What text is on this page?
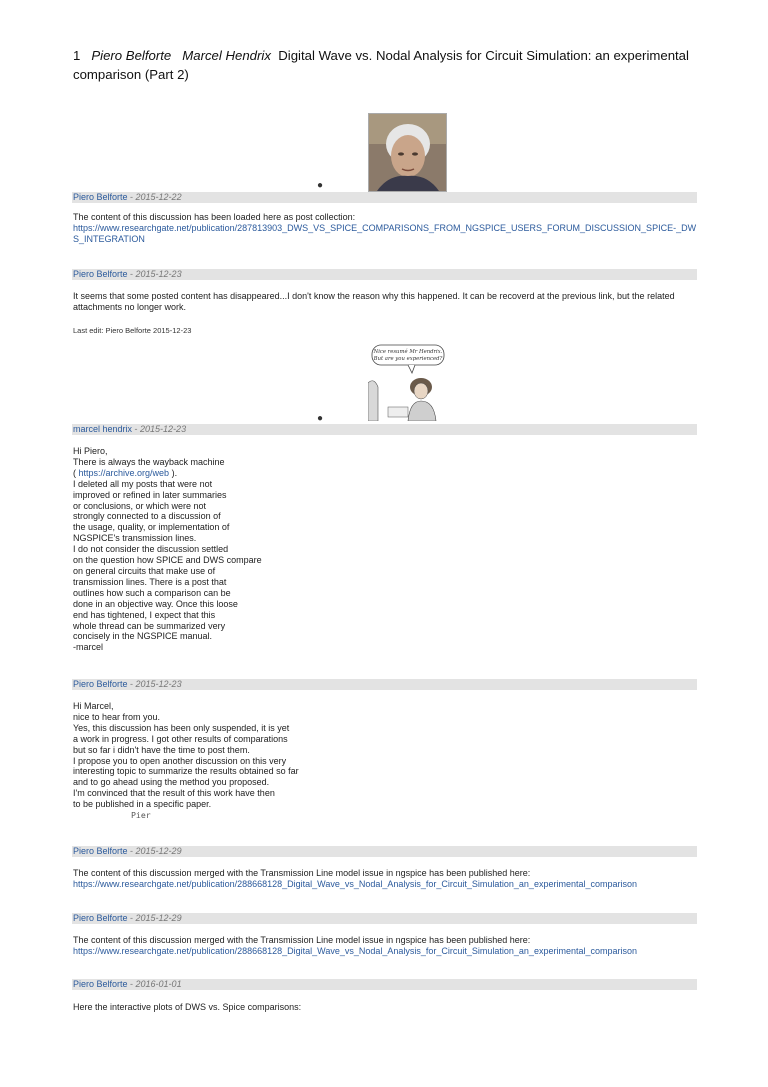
1 Piero Belforte Marcel Hendrix Digital Wave vs. Nodal Analysis for Circuit Simulation: an experimental comparison (Part 2)
●
Piero Belforte - 2015-12-22
The content of this discussion has been loaded here as post collection:
https://www.researchgate.net/publication/287813903_DWS_VS_SPICE_COMPARISONS_FROM_NGSPICE_USERS_FORUM_DISCUSSION_SPICE-_DWS_INTEGRATION
Piero Belforte - 2015-12-23
It seems that some posted content has disappeared...I don't know the reason why this happened. It can be recoverd at the previous link, but the related attachments no longer work.
Last edit: Piero Belforte 2015-12-23
Nice resumé Mr Hendrix.
But are you experienced?
●
marcel hendrix - 2015-12-23
Hi Piero,
There is always the wayback machine
( https://archive.org/web ).
I deleted all my posts that were not
improved or refined in later summaries
or conclusions, or which were not
strongly connected to a discussion of
the usage, quality, or implementation of
NGSPICE's transmission lines.
I do not consider the discussion settled
on the question how SPICE and DWS compare
on general circuits that make use of
transmission lines. There is a post that
outlines how such a comparison can be
done in an objective way. Once this loose
end has tightened, I expect that this
whole thread can be summarized very
concisely in the NGSPICE manual.
-marcel
Piero Belforte - 2015-12-23
Hi Marcel,
nice to hear from you.
Yes, this discussion has been only suspended, it is yet
a work in progress. I got other results of comparations
but so far i didn't have the time to post them.
I propose you to open another discussion on this very
interesting topic to summarize the results obtained so far
and to go ahead using the method you proposed.
I'm convinced that the result of this work have then
to be published in a specific paper.
Pier
Piero Belforte - 2015-12-29
The content of this discussion merged with the Transmission Line model issue in ngspice has been published here:
https://www.researchgate.net/publication/288668128_Digital_Wave_vs_Nodal_Analysis_for_Circuit_Simulation_an_experimental_comparison
Piero Belforte - 2015-12-29
The content of this discussion merged with the Transmission Line model issue in ngspice has been published here:
https://www.researchgate.net/publication/288668128_Digital_Wave_vs_Nodal_Analysis_for_Circuit_Simulation_an_experimental_comparison
Piero Belforte - 2016-01-01
Here the interactive plots of DWS vs. Spice comparisons:
